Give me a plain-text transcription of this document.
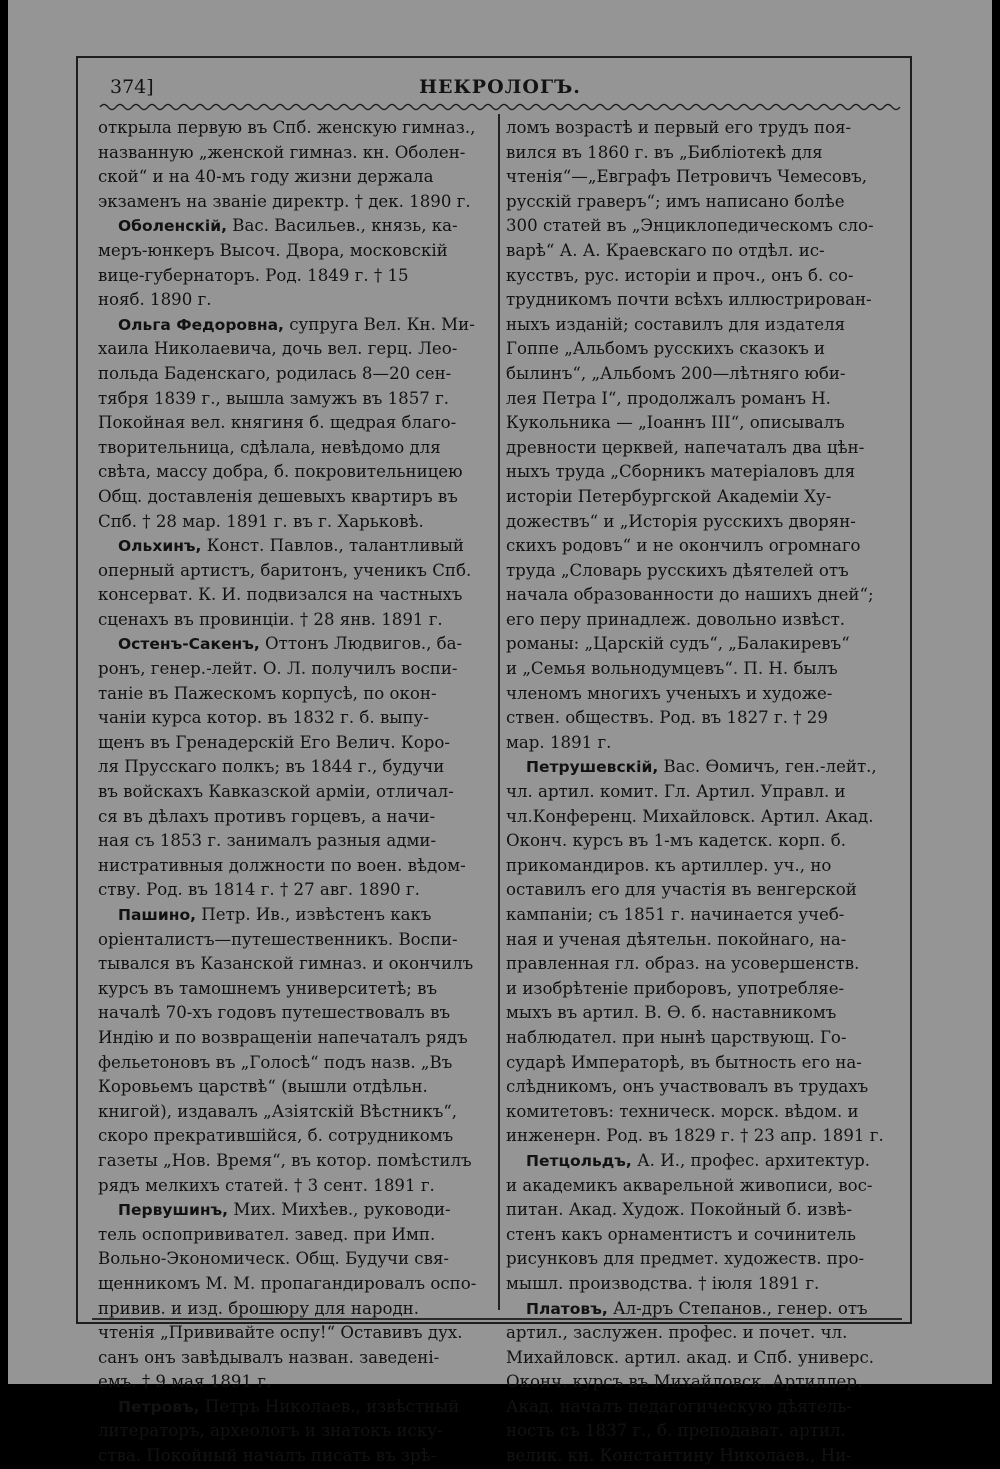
374]	НЕКРОЛОГЪ.
открыла первую въ Спб. женскую гимназ.,
названную „женской гимназ. кн. Оболен-
ской“ и на 40-мъ году жизни держала
экзаменъ на званіе директр. † дек. 1890 г.
Оболенскій, Вас. Васильев., князь, ка-
меръ-юнкеръ Высоч. Двора, московскій
вице-губернаторъ. Род. 1849 г. † 15
нояб. 1890 г.
Ольга Федоровна, супруга Вел. Кн. Ми-
хаила Николаевича, дочь вел. герц. Лео-
польда Баденскаго, родилась 8—20 сен-
тября 1839 г., вышла замужъ въ 1857 г.
Покойная вел. княгиня б. щедрая благо-
творительница, сдѣлала, невѣдомо для
свѣта, массу добра, б. покровительницею
Общ. доставленія дешевыхъ квартиръ въ
Спб. † 28 мар. 1891 г. въ г. Харьковѣ.
Ольхинъ, Конст. Павлов., талантливый
оперный артистъ, баритонъ, ученикъ Спб.
консерват. К. И. подвизался на частныхъ
сценахъ въ провинціи. † 28 янв. 1891 г.
Остенъ-Сакенъ, Оттонъ Людвигов., ба-
ронъ, генер.-лейт. О. Л. получилъ воспи-
таніе въ Пажескомъ корпусѣ, по окон-
чаніи курса котор. въ 1832 г. б. выпу-
щенъ въ Гренадерскій Его Велич. Коро-
ля Прусскаго полкъ; въ 1844 г., будучи
въ войскахъ Кавказской арміи, отличал-
ся въ дѣлахъ противъ горцевъ, а начи-
ная съ 1853 г. занималъ разныя адми-
нистративныя должности по воен. вѣдом-
ству. Род. въ 1814 г. † 27 авг. 1890 г.
Пашино, Петр. Ив., извѣстенъ какъ
оріенталистъ—путешественникъ. Воспи-
тывался въ Казанской гимназ. и окончилъ
курсъ въ тамошнемъ университетѣ; въ
началѣ 70-хъ годовъ путешествовалъ въ
Индію и по возвращеніи напечаталъ рядъ
фельетоновъ въ „Голосѣ“ подъ назв. „Въ
Коровьемъ царствѣ“ (вышли отдѣльн.
книгой), издавалъ „Азіятскій Вѣстникъ“,
скоро прекратившійся, б. сотрудникомъ
газеты „Нов. Время“, въ котор. помѣстилъ
рядъ мелкихъ статей. † 3 сент. 1891 г.
Первушинъ, Мих. Михѣев., руководи-
тель оспопрививател. завед. при Имп.
Вольно-Экономическ. Общ. Будучи свя-
щенникомъ М. М. пропагандировалъ оспо-
привив. и изд. брошюру для народн.
чтенія „Прививайте оспу!“ Оставивъ дух.
санъ онъ завѣдывалъ назван. заведені-
емъ. † 9 мая 1891 г.
Петровъ, Петръ Николаев., извѣстный
литераторъ, археологъ и знатокъ иску-
ства. Покойный началъ писать въ зрѣ-
ломъ возрастѣ и первый его трудъ поя-
вился въ 1860 г. въ „Библіотекѣ для
чтенія“—„Евграфъ Петровичъ Чемесовъ,
русскій граверъ“; имъ написано болѣе
300 статей въ „Энциклопедическомъ сло-
варѣ“ А. А. Краевскаго по отдѣл. ис-
кусствъ, рус. исторіи и проч., онъ б. со-
трудникомъ почти всѣхъ иллюстрирован-
ныхъ изданій; составилъ для издателя
Гоппе „Альбомъ русскихъ сказокъ и
былинъ“, „Альбомъ 200—лѣтняго юби-
лея Петра І“, продолжалъ романъ Н.
Кукольника — „Іоаннъ III“, описывалъ
древности церквей, напечаталъ два цѣн-
ныхъ труда „Сборникъ матеріаловъ для
исторіи Петербургской Академіи Ху-
дожествъ“ и „Исторія русскихъ дворян-
скихъ родовъ“ и не окончилъ огромнаго
труда „Словарь русскихъ дѣятелей отъ
начала образованности до нашихъ дней“;
его перу принадлеж. довольно извѣст.
романы: „Царскій судъ“, „Балакиревъ“
и „Семья вольнодумцевъ“. П. Н. былъ
членомъ многихъ ученыхъ и художе-
ствен. обществъ. Род. въ 1827 г. † 29
мар. 1891 г.
Петрушевскій, Вас. Ѳомичъ, ген.-лейт.,
чл. артил. комит. Гл. Артил. Управл. и
чл.Конференц. Михайловск. Артил. Акад.
Оконч. курсъ въ 1-мъ кадетск. корп. б.
прикомандиров. къ артиллер. уч., но
оставилъ его для участія въ венгерской
кампаніи; съ 1851 г. начинается учеб-
ная и ученая дѣятельн. покойнаго, на-
правленная гл. образ. на усовершенств.
и изобрѣтеніе приборовъ, употребляе-
мыхъ въ артил. В. Ѳ. б. наставникомъ
наблюдател. при нынѣ царствующ. Го-
сударѣ Императорѣ, въ бытность его на-
слѣдникомъ, онъ участвовалъ въ трудахъ
комитетовъ: техническ. морск. вѣдом. и
инженерн. Род. въ 1829 г. † 23 апр. 1891 г.
Петцольдъ, А. И., профес. архитектур.
и академикъ акварельной живописи, вос-
питан. Акад. Худож. Покойный б. извѣ-
стенъ какъ орнаментистъ и сочинитель
рисунковъ для предмет. художеств. про-
мышл. производства. † іюля 1891 г.
Платовъ, Ал-дръ Степанов., генер. отъ
артил., заслужен. профес. и почет. чл.
Михайловск. артил. акад. и Спб. универс.
Оконч. курсъ въ Михайловск. Артиллер.
Акад. началъ педагогическую дѣятель-
ность съ 1837 г., б. преподават. артил.
велик. кн. Константину Николаев., Ни-
